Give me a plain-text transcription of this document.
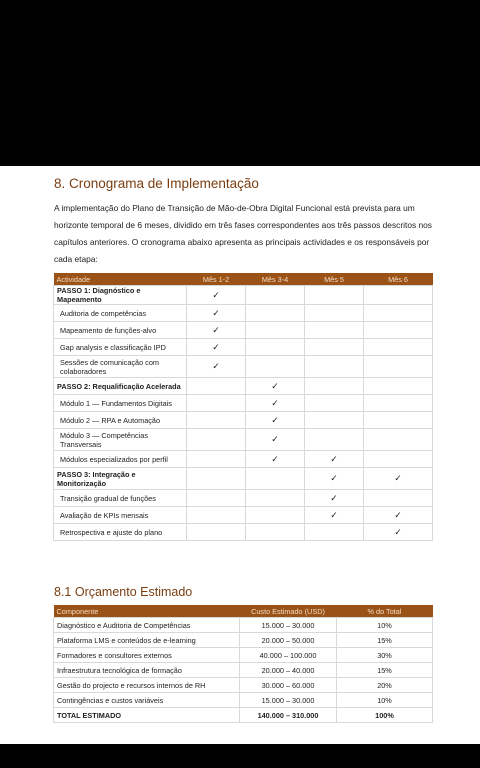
8. Cronograma de Implementação

A implementação do Plano de Transição de Mão-de-Obra Digital Funcional está prevista para um horizonte temporal de 6 meses, dividido em três fases correspondentes aos três passos descritos nos capítulos anteriores. O cronograma abaixo apresenta as principais actividades e os responsáveis por cada etapa:

Actividade	Mês 1-2	Mês 3-4	Mês 5	Mês 6
PASSO 1: Diagnóstico e Mapeamento	✓			
Auditoria de competências	✓			
Mapeamento de funções-alvo	✓			
Gap analysis e classificação IPD	✓			
Sessões de comunicação com colaboradores	✓			
PASSO 2: Requalificação Acelerada		✓		
Módulo 1 — Fundamentos Digitais		✓		
Módulo 2 — RPA e Automação		✓		
Módulo 3 — Competências Transversais		✓		
Módulos especializados por perfil		✓	✓	
PASSO 3: Integração e Monitorização			✓	✓
Transição gradual de funções			✓	
Avaliação de KPIs mensais			✓	✓
Retrospectiva e ajuste do plano				✓
8.1 Orçamento Estimado
Componente	Custo Estimado (USD)	% do Total
Diagnóstico e Auditoria de Competências	15.000 – 30.000	10%
Plataforma LMS e conteúdos de e-learning	20.000 – 50.000	15%
Formadores e consultores externos	40.000 – 100.000	30%
Infraestrutura tecnológica de formação	20.000 – 40.000	15%
Gestão do projecto e recursos internos de RH	30.000 – 60.000	20%
Contingências e custos variáveis	15.000 – 30.000	10%
TOTAL ESTIMADO	140.000 – 310.000	100%
